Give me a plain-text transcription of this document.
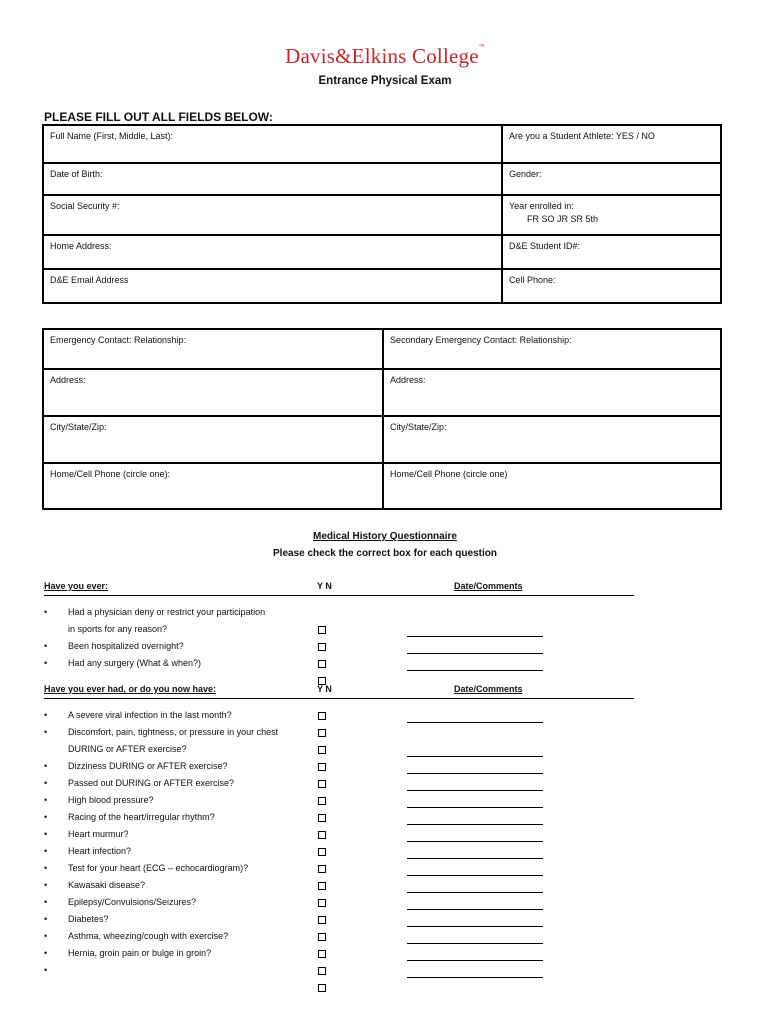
Davis&Elkins College™
Entrance Physical Exam
PLEASE FILL OUT ALL FIELDS BELOW:
Full Name (First, Middle, Last):	Are you a Student Athlete: YES / NO
Date of Birth:	Gender:
Social Security #:	Year enrolled in:
FR SO JR SR 5th

Home Address:	D&E Student ID#:
D&E Email Address	Cell Phone:
Emergency Contact: Relationship:	Secondary Emergency Contact: Relationship:
Address:	Address:
City/State/Zip:	City/State/Zip:
Home/Cell Phone (circle one):	Home/Cell Phone (circle one)
Medical History Questionnaire
Please check the correct box for each question
Have you ever:	Y N	Date/Comments
• Had a physician deny or restrict your participation
in sports for any reason?
• Been hospitalized overnight?
• Had any surgery (What & when?)
Have you ever had, or do you now have:	Y N	Date/Comments
• A severe viral infection in the last month?
• Discomfort, pain, tightness, or pressure in your chest
DURING or AFTER exercise?
• Dizziness DURING or AFTER exercise?
• Passed out DURING or AFTER exercise?
• High blood pressure?
• Racing of the heart/irregular rhythm?
• Heart murmur?
• Heart infection?
• Test for your heart (ECG – echocardiogram)?
• Kawasaki disease?
• Epilepsy/Convulsions/Seizures?
• Diabetes?
• Asthma, wheezing/cough with exercise?
• Hernia, groin pain or bulge in groin?
•
